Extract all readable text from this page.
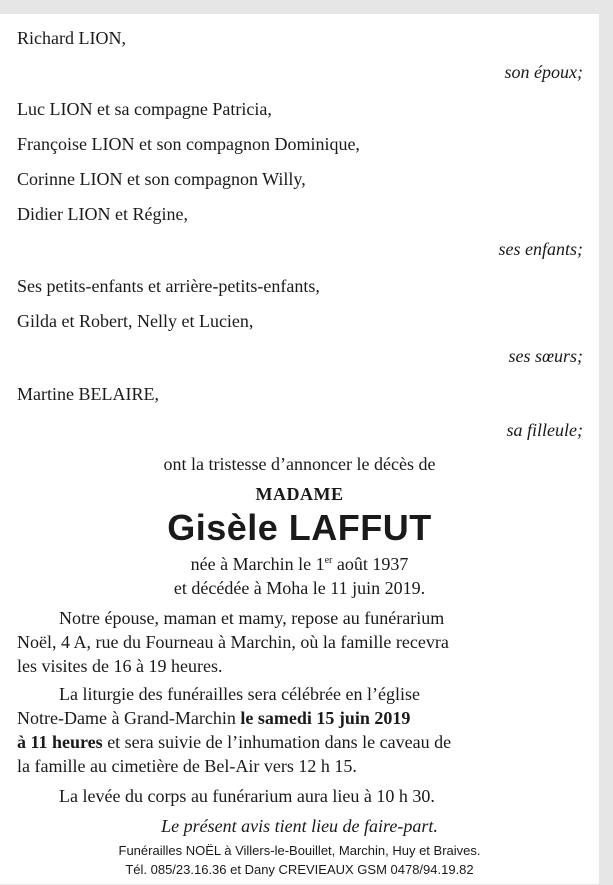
Richard LION,
son époux;
Luc LION et sa compagne Patricia,
Françoise LION et son compagnon Dominique,
Corinne LION et son compagnon Willy,
Didier LION et Régine,
ses enfants;
Ses petits-enfants et arrière-petits-enfants,
Gilda et Robert, Nelly et Lucien,
ses sœurs;
Martine BELAIRE,
sa filleule;
ont la tristesse d’annoncer le décès de
MADAME
Gisèle LAFFUT
née à Marchin le 1er août 1937
et décédée à Moha le 11 juin 2019.
Notre épouse, maman et mamy, repose au funérarium
Noël, 4 A, rue du Fourneau à Marchin, où la famille recevra
les visites de 16 à 19 heures.
La liturgie des funérailles sera célébrée en l’église
Notre-Dame à Grand-Marchin le samedi 15 juin 2019
à 11 heures et sera suivie de l’inhumation dans le caveau de
la famille au cimetière de Bel-Air vers 12 h 15.
La levée du corps au funérarium aura lieu à 10 h 30.
Le présent avis tient lieu de faire-part.
Funérailles NOËL à Villers-le-Bouillet, Marchin, Huy et Braives.
Tél. 085/23.16.36 et Dany CREVIEAUX GSM 0478/94.19.82
